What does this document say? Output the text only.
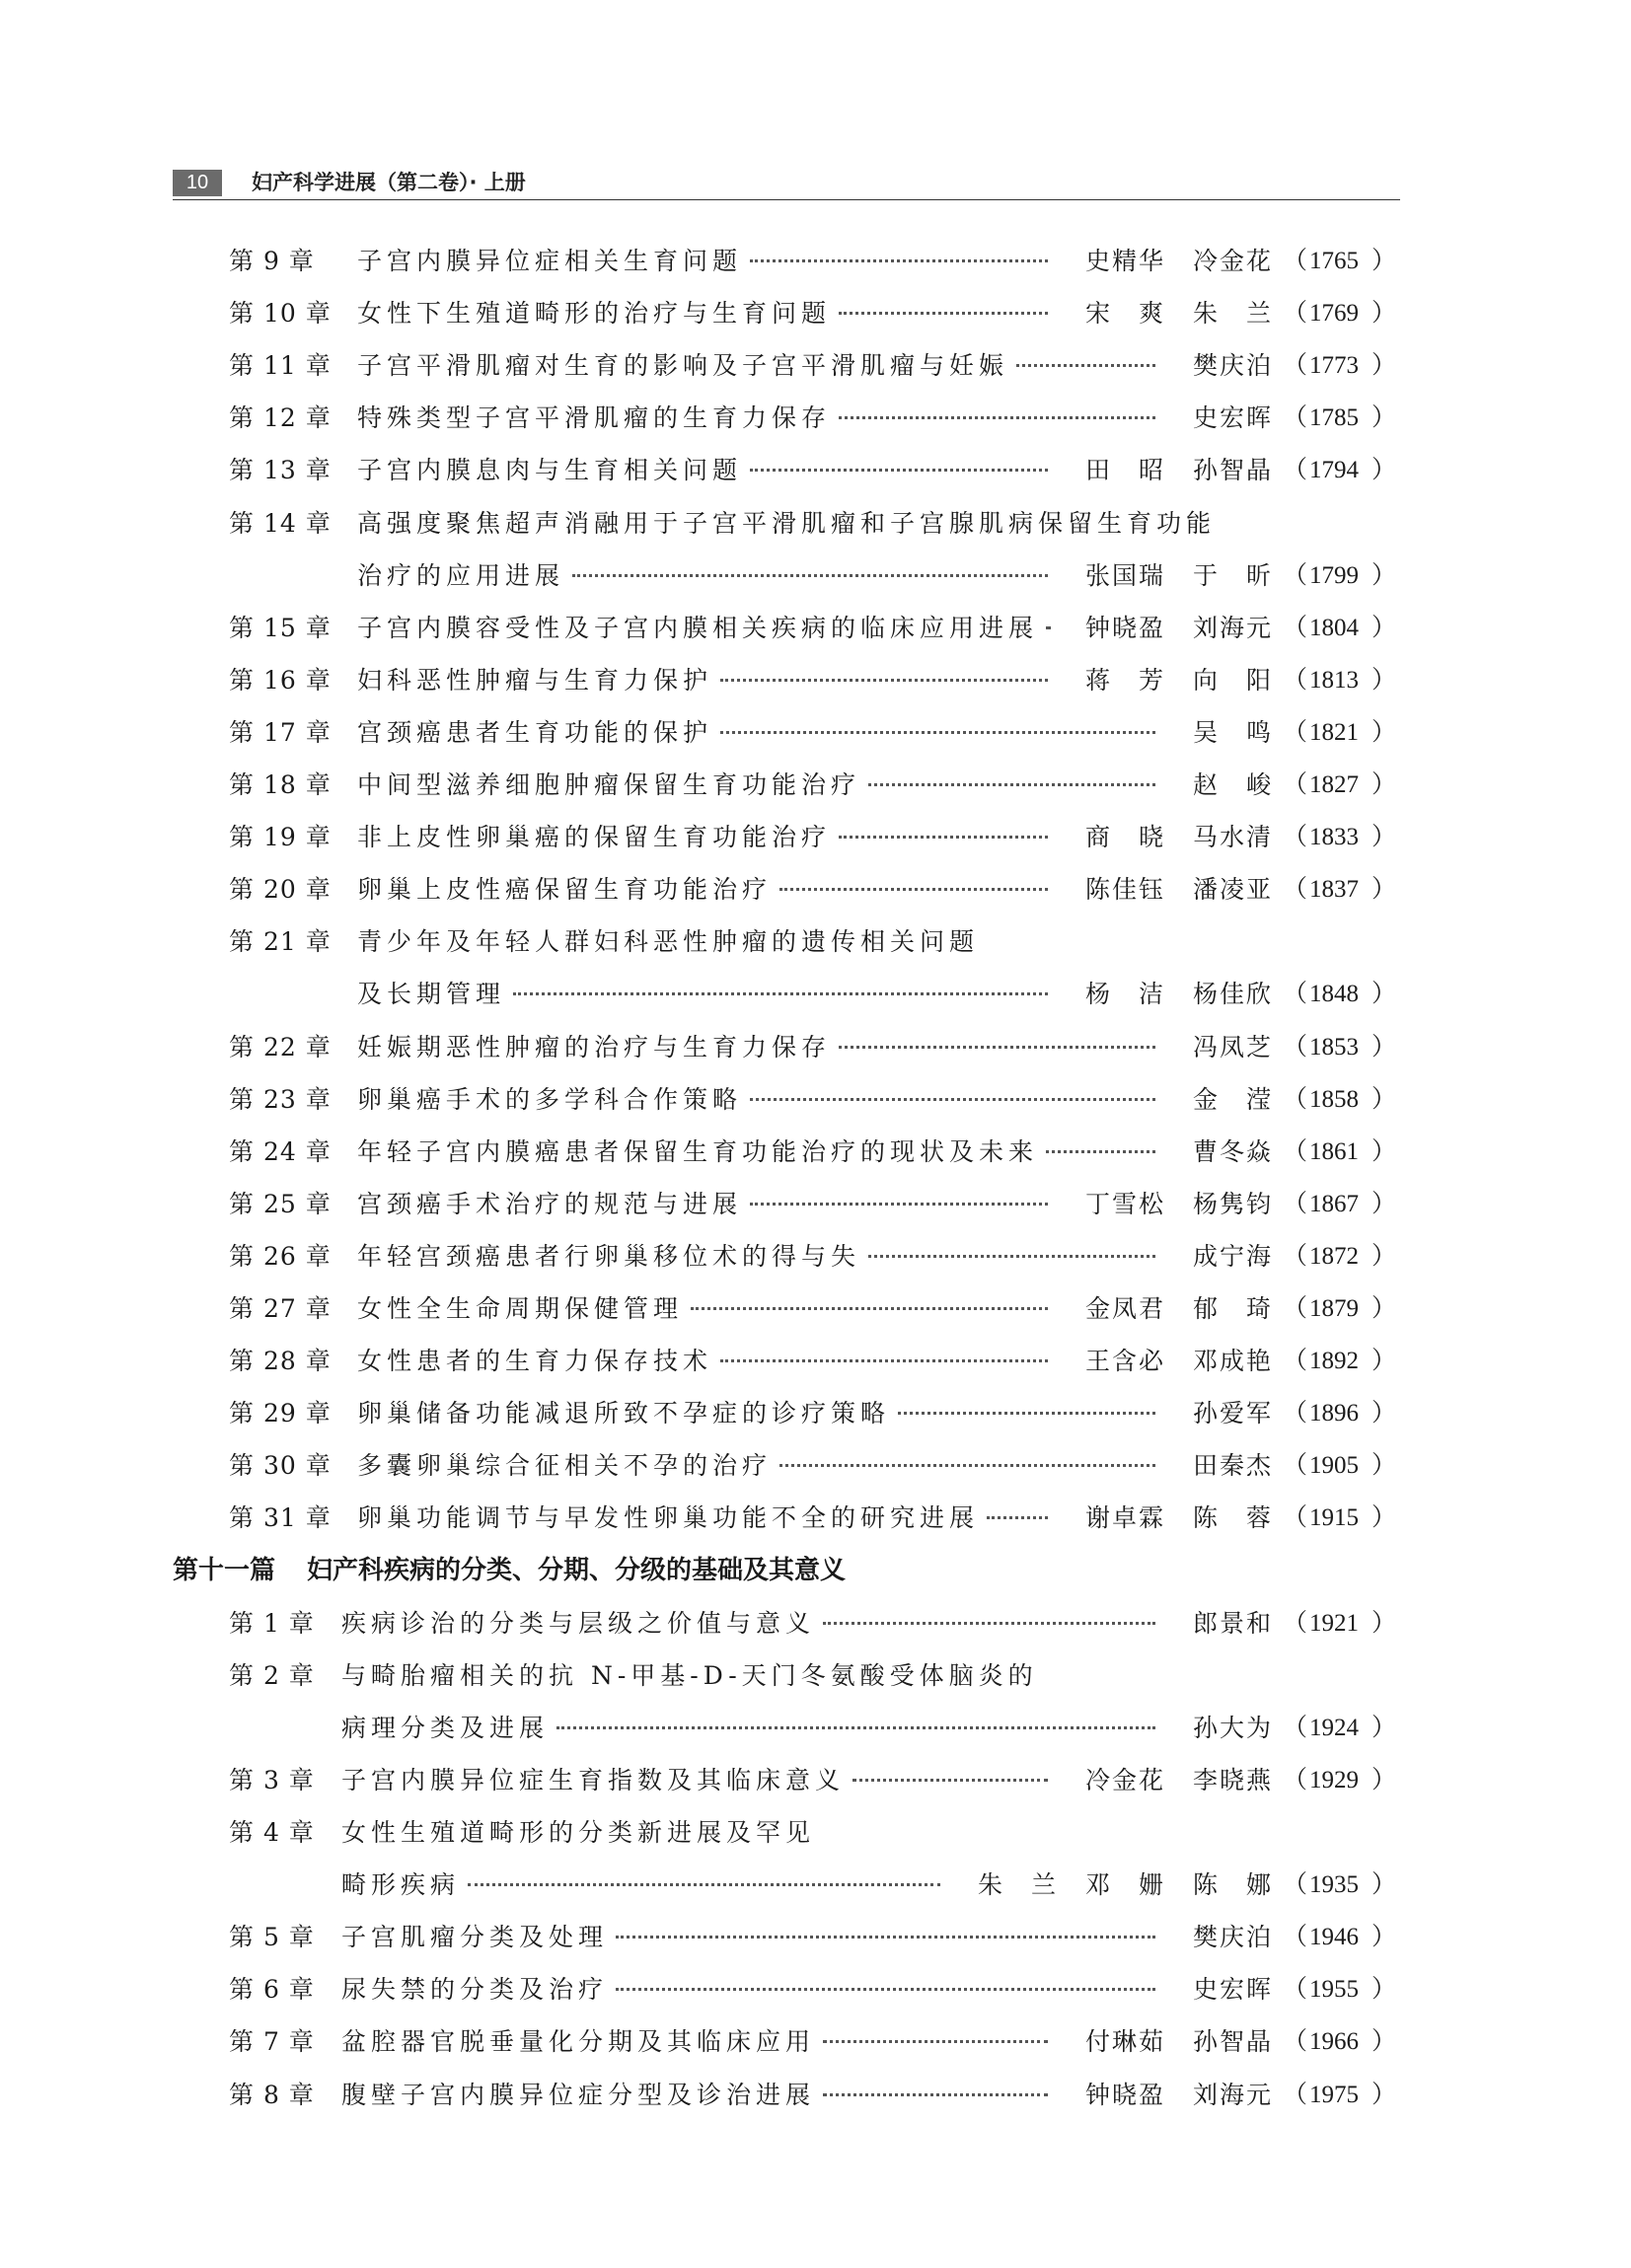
10	妇产科学进展（第二卷）· 上册
第 9 章 子宫内膜异位症相关生育问题	史精华 冷金花 （ 1765 ）
第 10 章 女性下生殖道畸形的治疗与生育问题	宋　爽 朱　兰 （ 1769 ）
第 11 章 子宫平滑肌瘤对生育的影响及子宫平滑肌瘤与妊娠	樊庆泊 （ 1773 ）
第 12 章 特殊类型子宫平滑肌瘤的生育力保存	史宏晖 （ 1785 ）
第 13 章 子宫内膜息肉与生育相关问题	田　昭 孙智晶 （ 1794 ）
第 14 章 高强度聚焦超声消融用于子宫平滑肌瘤和子宫腺肌病保留生育功能
治疗的应用进展	张国瑞 于　昕 （ 1799 ）
第 15 章 子宫内膜容受性及子宫内膜相关疾病的临床应用进展	钟晓盈 刘海元 （ 1804 ）
第 16 章 妇科恶性肿瘤与生育力保护	蒋　芳 向　阳 （ 1813 ）
第 17 章 宫颈癌患者生育功能的保护	吴　鸣 （ 1821 ）
第 18 章 中间型滋养细胞肿瘤保留生育功能治疗	赵　峻 （ 1827 ）
第 19 章 非上皮性卵巢癌的保留生育功能治疗	商　晓 马水清 （ 1833 ）
第 20 章 卵巢上皮性癌保留生育功能治疗	陈佳钰 潘凌亚 （ 1837 ）
第 21 章 青少年及年轻人群妇科恶性肿瘤的遗传相关问题
及长期管理	杨　洁 杨佳欣 （ 1848 ）
第 22 章 妊娠期恶性肿瘤的治疗与生育力保存	冯凤芝 （ 1853 ）
第 23 章 卵巢癌手术的多学科合作策略	金　滢 （ 1858 ）
第 24 章 年轻子宫内膜癌患者保留生育功能治疗的现状及未来	曹冬焱 （ 1861 ）
第 25 章 宫颈癌手术治疗的规范与进展	丁雪松 杨隽钧 （ 1867 ）
第 26 章 年轻宫颈癌患者行卵巢移位术的得与失	成宁海 （ 1872 ）
第 27 章 女性全生命周期保健管理	金凤君 郁　琦 （ 1879 ）
第 28 章 女性患者的生育力保存技术	王含必 邓成艳 （ 1892 ）
第 29 章 卵巢储备功能减退所致不孕症的诊疗策略	孙爱军 （ 1896 ）
第 30 章 多囊卵巢综合征相关不孕的治疗	田秦杰 （ 1905 ）
第 31 章 卵巢功能调节与早发性卵巢功能不全的研究进展	谢卓霖 陈　蓉 （ 1915 ）
第十一篇 妇产科疾病的分类、分期、分级的基础及其意义
第 1 章 疾病诊治的分类与层级之价值与意义	郎景和 （ 1921 ）
第 2 章 与畸胎瘤相关的抗 N-甲基-D-天门冬氨酸受体脑炎的
病理分类及进展	孙大为 （ 1924 ）
第 3 章 子宫内膜异位症生育指数及其临床意义	冷金花 李晓燕 （ 1929 ）
第 4 章 女性生殖道畸形的分类新进展及罕见
畸形疾病	朱　兰 邓　姗 陈　娜 （ 1935 ）
第 5 章 子宫肌瘤分类及处理	樊庆泊 （ 1946 ）
第 6 章 尿失禁的分类及治疗	史宏晖 （ 1955 ）
第 7 章 盆腔器官脱垂量化分期及其临床应用	付琳茹 孙智晶 （ 1966 ）
第 8 章 腹壁子宫内膜异位症分型及诊治进展	钟晓盈 刘海元 （ 1975 ）
